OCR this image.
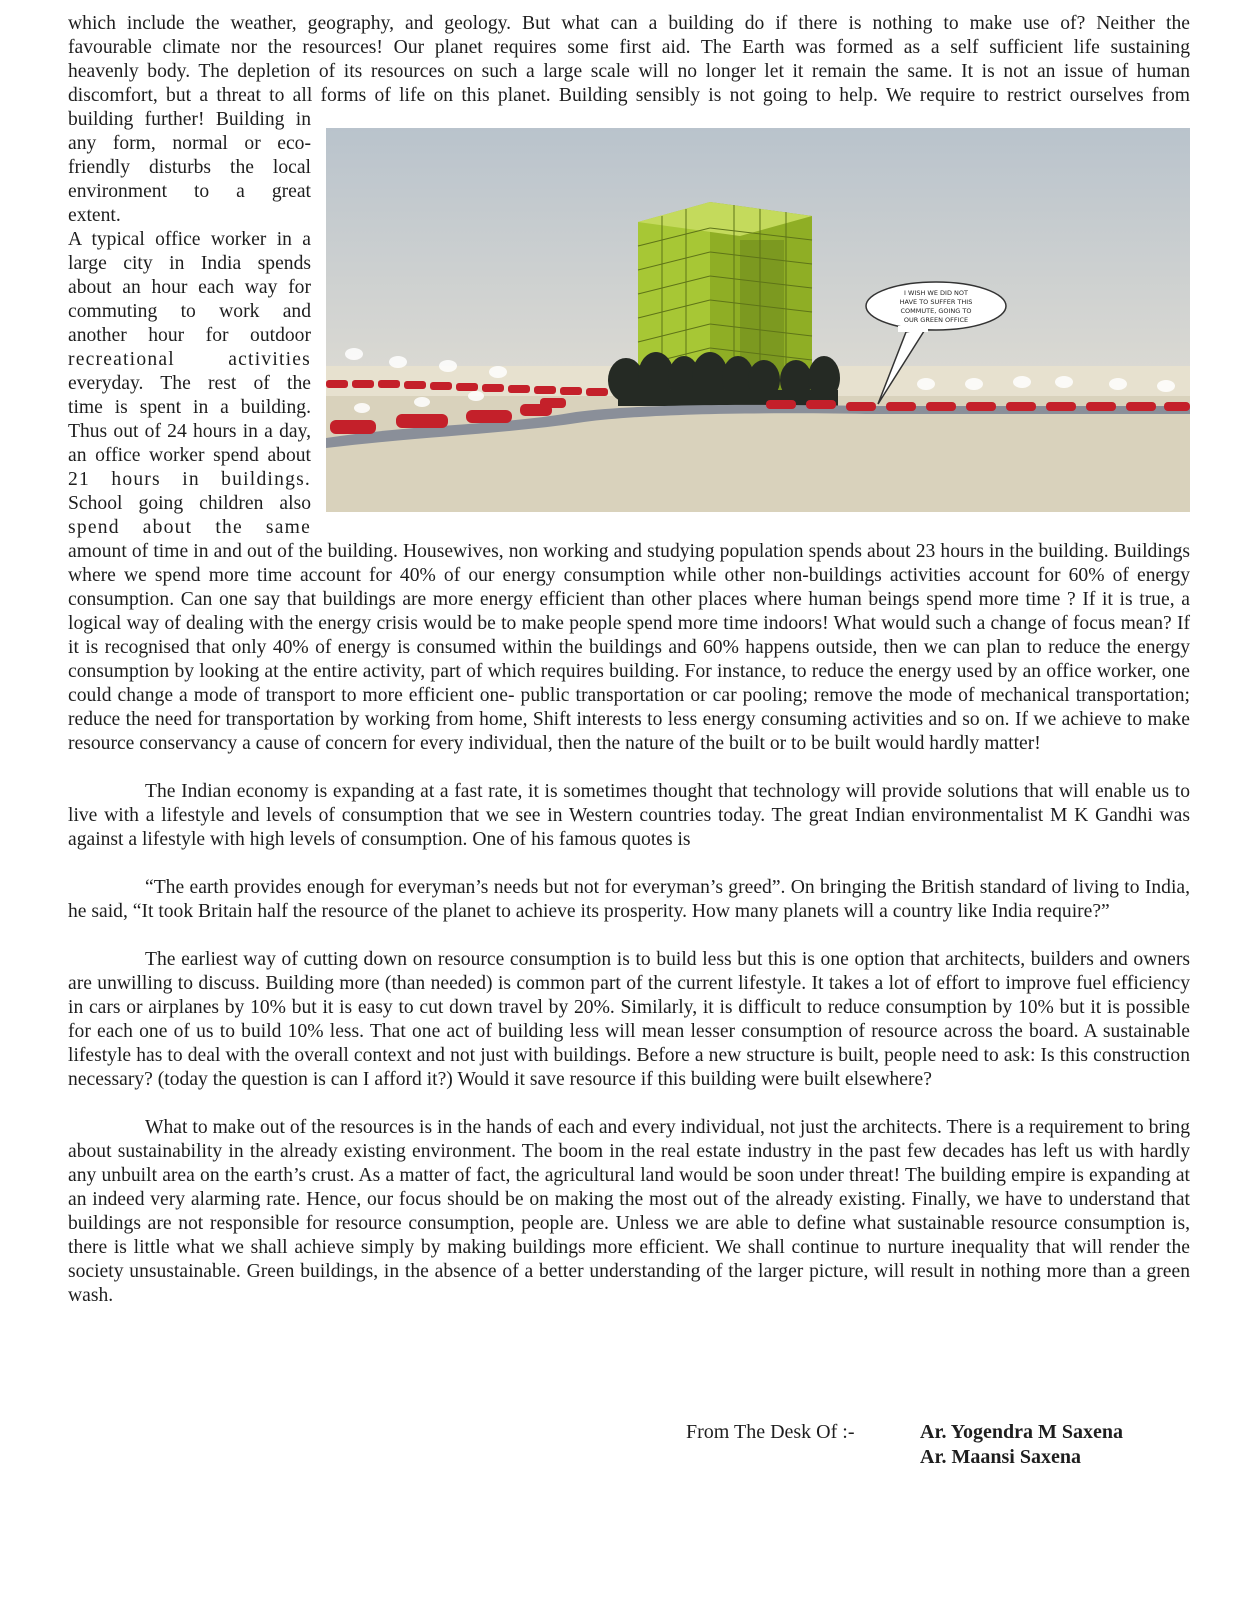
which include the weather, geography, and geology. But what can a building do if there is nothing to make use of? Neither the

favourable climate nor the resources! Our planet requires some first aid. The Earth was formed as a self sufficient life sustaining

heavenly body. The depletion of its resources on such a large scale will no longer let it remain the same. It is not an issue of human

discomfort, but a threat to all forms of life on this planet. Building sensibly is not going to help. We require to restrict ourselves from

building further! Building in

any form, normal or eco-

friendly disturbs the local

environment to a great

extent.

A typical office worker in a

large city in India spends

about an hour each way for

commuting to work and

another hour for outdoor

recreational activities

everyday. The rest of the

time is spent in a building.

Thus out of 24 hours in a day,

an office worker spend about

21 hours in buildings.

School going children also

spend about the same

amount of time in and out of the building. Housewives, non working and studying population spends about 23 hours in the building. Buildings where we spend more time account for 40% of our energy consumption while other non-buildings activities account for 60% of energy consumption. Can one say that buildings are more energy efficient than other places where human beings spend more time ? If it is true, a logical way of dealing with the energy crisis would be to make people spend more time indoors! What would such a change of focus mean? If it is recognised that only 40% of energy is consumed within the buildings and 60% happens outside, then we can plan to reduce the energy consumption by looking at the entire activity, part of which requires building. For instance, to reduce the energy used by an office worker, one could change a mode of transport to more efficient one- public transportation or car pooling; remove the mode of mechanical transportation; reduce the need for transportation by working from home, Shift interests to less energy consuming activities and so on. If we achieve to make resource conservancy a cause of concern for every individual, then the nature of the built or to be built would hardly matter!

The Indian economy is expanding at a fast rate, it is sometimes thought that technology will provide solutions that will enable us to live with a lifestyle and levels of consumption that we see in Western countries today. The great Indian environmentalist M K Gandhi was against a lifestyle with high levels of consumption. One of his famous quotes is

“The earth provides enough for everyman’s needs but not for everyman’s greed”. On bringing the British standard of living to India, he said, “It took Britain half the resource of the planet to achieve its prosperity. How many planets will a country like India require?”

The earliest way of cutting down on resource consumption is to build less but this is one option that architects, builders and owners are unwilling to discuss. Building more (than needed) is common part of the current lifestyle. It takes a lot of effort to improve fuel efficiency in cars or airplanes by 10% but it is easy to cut down travel by 20%. Similarly, it is difficult to reduce consumption by 10% but it is possible for each one of us to build 10% less. That one act of building less will mean lesser consumption of resource across the board. A sustainable lifestyle has to deal with the overall context and not just with buildings. Before a new structure is built, people need to ask: Is this construction necessary? (today the question is can I afford it?) Would it save resource if this building were built elsewhere?

What to make out of the resources is in the hands of each and every individual, not just the architects. There is a requirement to bring about sustainability in the already existing environment. The boom in the real estate industry in the past few decades has left us with hardly any unbuilt area on the earth’s crust. As a matter of fact, the agricultural land would be soon under threat! The building empire is expanding at an indeed very alarming rate. Hence, our focus should be on making the most out of the already existing. Finally, we have to understand that buildings are not responsible for resource consumption, people are. Unless we are able to define what sustainable resource consumption is, there is little what we shall achieve simply by making buildings more efficient. We shall continue to nurture inequality that will render the society unsustainable. Green buildings, in the absence of a better understanding of the larger picture, will result in nothing more than a green wash.

I WISH WE DID NOT
HAVE TO SUFFER THIS
COMMUTE, GOING TO
OUR GREEN OFFICE
From The Desk Of :-	Ar. Yogendra M Saxena
Ar. Maansi Saxena
